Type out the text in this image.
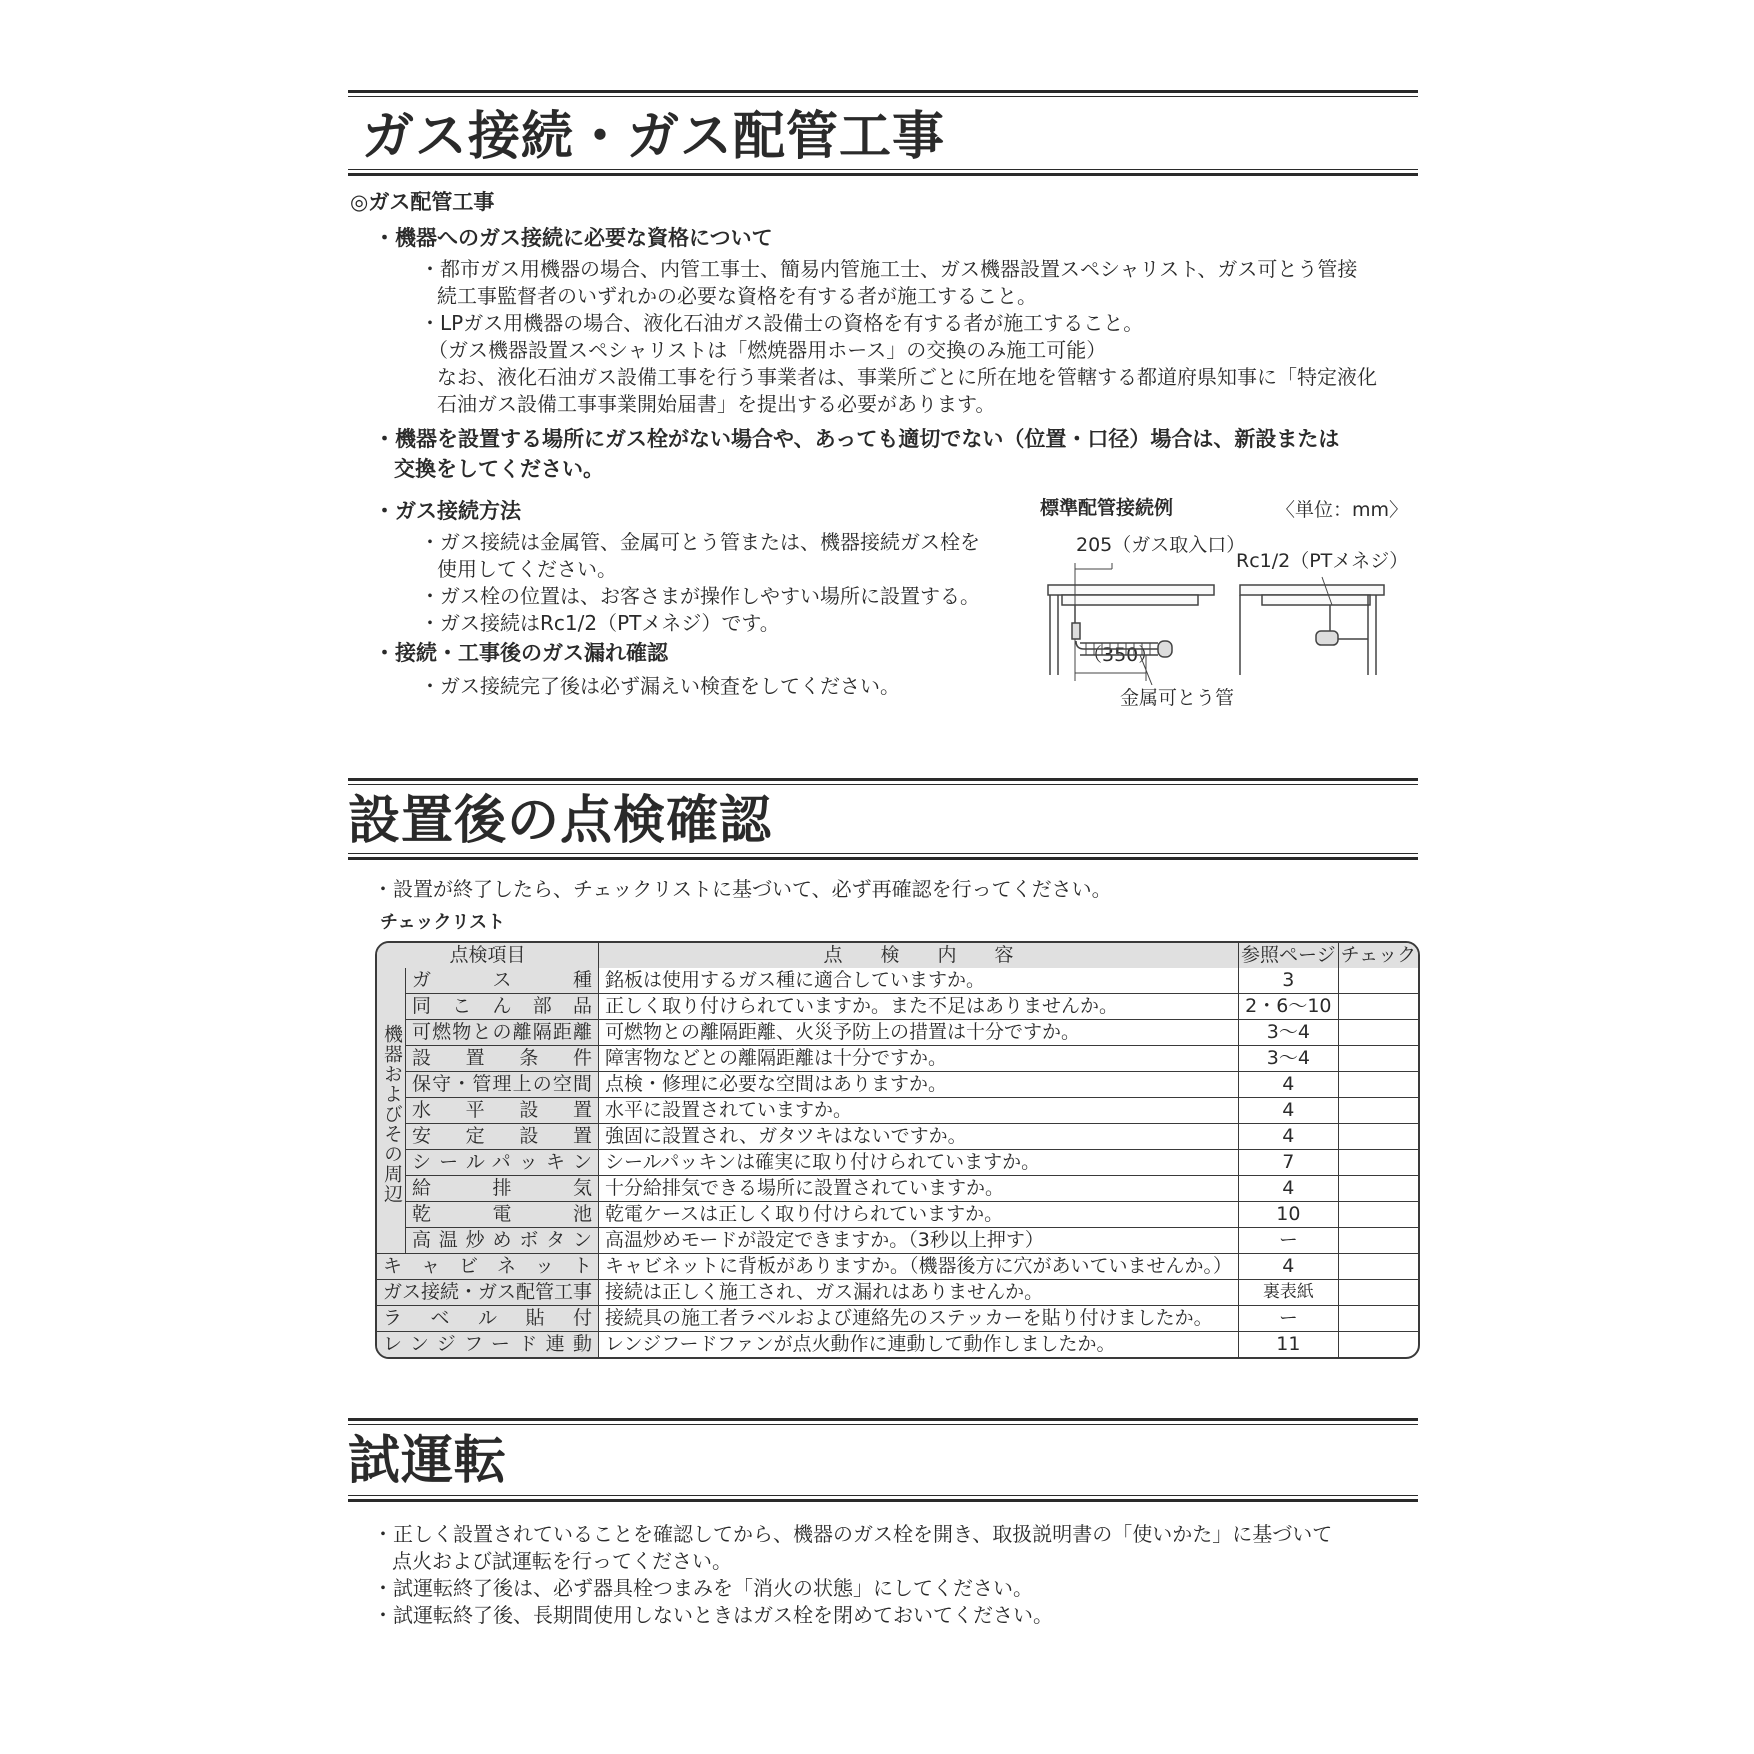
ガス接続・ガス配管工事
◎ガス配管工事
・機器へのガス接続に必要な資格について
・都市ガス用機器の場合、内管工事士、簡易内管施工士、ガス機器設置スペシャリスト、ガス可とう管接
続工事監督者のいずれかの必要な資格を有する者が施工すること。
・LPガス用機器の場合、液化石油ガス設備士の資格を有する者が施工すること。
（ガス機器設置スペシャリストは「燃焼器用ホース」の交換のみ施工可能）
なお、液化石油ガス設備工事を行う事業者は、事業所ごとに所在地を管轄する都道府県知事に「特定液化
石油ガス設備工事事業開始届書」を提出する必要があります。
・機器を設置する場所にガス栓がない場合や、あっても適切でない（位置・口径）場合は、新設または
交換をしてください。
・ガス接続方法
・ガス接続は金属管、金属可とう管または、機器接続ガス栓を
使用してください。
・ガス栓の位置は、お客さまが操作しやすい場所に設置する。
・ガス接続はRc1/2（PTメネジ）です。
・接続・工事後のガス漏れ確認
・ガス接続完了後は必ず漏えい検査をしてください。
標準配管接続例	〈単位：mm〉
205（ガス取入口）
Rc1/2（PTメネジ）
（350）
金属可とう管
設置後の点検確認
・設置が終了したら、チェックリストに基づいて、必ず再確認を行ってください。
チェックリスト
点検項目		点　　検　　内　　容	参照ページ	チェック

機器およびその周辺	ガス種	銘板は使用するガス種に適合していますか。	3	
	同こん部品	正しく取り付けられていますか。また不足はありませんか。	2・6〜10	
	可燃物との離隔距離	可燃物との離隔距離、火災予防上の措置は十分ですか。	3〜4	
	設置条件	障害物などとの離隔距離は十分ですか。	3〜4	
	保守・管理上の空間	点検・修理に必要な空間はありますか。	4	
	水平設置	水平に設置されていますか。	4	
	安定設置	強固に設置され、ガタツキはないですか。	4	
	シールパッキン	シールパッキンは確実に取り付けられていますか。	7	
	給排気	十分給排気できる場所に設置されていますか。	4	
	乾電池	乾電ケースは正しく取り付けられていますか。	10	
	高温炒めボタン	高温炒めモードが設定できますか。（3秒以上押す）	ー	
キャビネット		キャビネットに背板がありますか。（機器後方に穴があいていませんか。）	4	
ガス接続・ガス配管工事		接続は正しく施工され、ガス漏れはありませんか。	裏表紙	
ラベル貼付		接続具の施工者ラベルおよび連絡先のステッカーを貼り付けましたか。	ー	
レンジフード連動		レンジフードファンが点火動作に連動して動作しましたか。	11	
試運転
・正しく設置されていることを確認してから、機器のガス栓を開き、取扱説明書の「使いかた」に基づいて
点火および試運転を行ってください。
・試運転終了後は、必ず器具栓つまみを「消火の状態」にしてください。
・試運転終了後、長期間使用しないときはガス栓を閉めておいてください。
